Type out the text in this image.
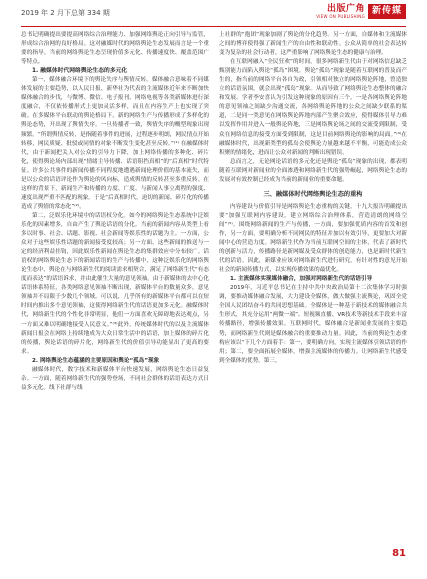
2019 年 2 月下总第 334 期	出版广角
VIEW ON PUBLISHING
新传媒

总书记明确提出要提高网络综合治理能力、加强网络舆论正向引导与监管，形成综合治网的良好格局。这对融媒时代的网络舆论生态发展而言是一个重要的指导。当前的网络舆论生态呈现价值多元化、传播速度快、覆盖范围广等特点。

1. 融媒体时代网络舆论生态的多元化

第一，媒体融合环境下的舆论失序与舆情反转。媒体融合意味着不同媒体发展的主要趋势，以人民日报、新华社为代表的主流媒体近年来不断加快媒体融合的步伐，与微博、微信、电子报刊、网络电视等各类新媒体进行深度融合，不仅依传播形式上更加灵活多样，而且在内容生产上也实现了突破。在多媒体平台联动的舆论格局下，新的网络生产与传播形成了多样化的舆论态势，开出现了舆情失序。一旦传播者一致，舆情失序的概型现象出现频繁。“所谓舆情反转，是指随着事件的进展，过程逐步明朗，网民情点开始转移，网民质疑、批驳或同情的对象不断发生变化甚至反转。”⁽¹⁾ 在融媒体时代，由于新闻把关人对公众的引导力下降，加上网络传播的多种化、碎片化，使得舆论场内部出现“情绪主导传播、话语阻挡真相”的“后真相”时代特征。许多公共事件的新闻传播不同程度地遭遇新闻伦理价值的基本流失，而是以公众的话语评论作为舆论的风向标，造成舆情的反转甚至多重反转。在这样的背景下，新闻生产和传播的力度、广度、与新闻人事立离程的强度、速度出现严重不匹配的现象。于是“后真相时代，迫切的新闻、碎片化的传播造成了舆情的常态化”⁽²⁾。

第二，泛娱乐化环境中的话语权分化。如今的网络舆论生态系统中泛娱乐化的因素增多，自由产生了舆论话语的分化。当前的新闻内容从类型上看多以时事、社会、话题、影视、社会新闻等娱乐性的话题为主。一方面，公众对于这些娱乐性话题的新闻接受度较高；另一方面，这些新闻的推送与一定的经济利益挂钩，因此娱乐性新闻在舆论生态的集群效应中分布较广。话语权的网络舆论生态下的新闻话语的生产与传播中，这种泛娱乐化的网络舆论生态中，舆论在与网络新生代的阅读需求相契合，满足了网络新生代“有态度而表达”的话语诉求，并由此催生大量的意见领袖。由于新媒体的去中心化话语体系特征，各类网络意见领袖不断出现，新媒体平台的数量众多，意见领袖并不局限于少数几个领域。可以说，几乎所有的新媒体平台都可以在短时间内推出多个意见领袖，这使得网络新生代的话语更加多元化。融媒体时代，网络新生代的个性化非常明显，他们一方面喜欢无障碍地表达观点，另一方面又难以明确地接受人民意义。”⁽³⁾此外，传统媒体时代的以及主流媒体新闻日报会在网络上持续地成为大众日常生活中的话语，加上媒体的碎片化的传播，舆论话语的碎片化，网络新生代的价值引导功能显出了更高的要求。

2. 网络舆论生态蕴涵的主要原因和舆论“孤岛”现象

融媒体时代，数字技术和新媒体平台快速发展，网络舆论生态日益复杂。一方面，随着网络新生代的强势登场，不同社会群体的话语表达方式日益多元化。线下社群与线

上社群的“抱团”现象加剧了舆论的分化趋势。另一方面，自媒体和主流媒体之间的博弈使得强了新闻生产的自由性和联动性。公众从简单的社会表达转变为复杂的社会行动者，这严重影响了网络舆论生态的健康与治理。

在互联网融入“全民狂欢”的时间，很多网络新生代由于对网络信息缺乏甄别能力而陷入舆论“孤岛”困境。舆论“孤岛”现象是随着互联网的普及而产生的，指当前的网络平台各自为政，引领相对独立的网络舆论阵地，曾造独立的话语氛围，就会出现“孤岛”现象。从而导致了网络舆论生态整体的融合和发展。学者李安喜认为引发这种现象的原因有三个，一是各网络舆论阵地的意见领袖之间缺少沟通交流，各网络舆论阵地的公众之间缺少联系的渠道，二是同一类意见在网络舆论阵地内部产生聚合效应，使得媒体引导力难以发挥作用并进入一般舆论阵地，三是网络舆论场之间的交流受到限制，受众在网络信息的接受方面受到限制，这是目前网络舆论的影响的局面。”⁽⁴⁾在融媒体时代，出现新类型的孤岛会使舆论力量越来越不平衡，可能造成公众积聚的情绪化，进而让公众对新闻的判断出现错误。

总而言之，无论网论话语的多元化还是舆论“孤岛”现象的出现，都表明随着互联网对新闻业的全面渗透和网络新生代的强势崛起，网络舆论生态的发展对有效控制已经成为当前的新闻业的重要命题。

三、融媒体时代网络舆论生态的重构

内容建设与价值引导是网络舆论生态重构的关键。十九大报告明确提出要“加强互联网内容建设，建立网络综合治理体系，营造清朗的网络空间”⁽⁵⁾。围绕网络新闻的生产与传播，一方面，要加强优质内容的首发和创作，另一方面，要明确分析不同网民的特征并加以有效引导，更要加大对新闻中心的营造力度。网络新生代作为当前互联网空间的主体，代表了新时代的创新与活力，传播路径是新网媒及受众群体的创造能力，也是新时代新生代的话语。因此，新媒业应该对网络新生代进行研究，有针对性的意见开始社会的新闻传播力式，以实现传播效果的最优化。

1. 主流媒体实现媒体融合，加强对网络新生代的话语引导

2019年，习近平总书记在主持中共中央政治局第十二次集体学习时强调，要推动媒体融合发展，大力建设全媒体，做大做强主流舆论，巩固全党全国人民团结奋斗的共同思想基础。全媒体是一种基于新技术的媒体融合共生形式，其充分运用“两微一端”、短视频直播、VR技术等新技术手段来丰富传播路径，增强传播效果。互联网时代，媒体融合是新闻业发展的主要趋势，而网络新生代则是媒体融合的重要推动力量。因此，当前的舆论生态重构应该以“下几个方面着手：第一，要明确方向，实现主流媒体引领话语的作用；第二，要全面拓展全媒体，增强主流媒体的传播力。让网络新生代感受到全媒体的优势。第三，

81
